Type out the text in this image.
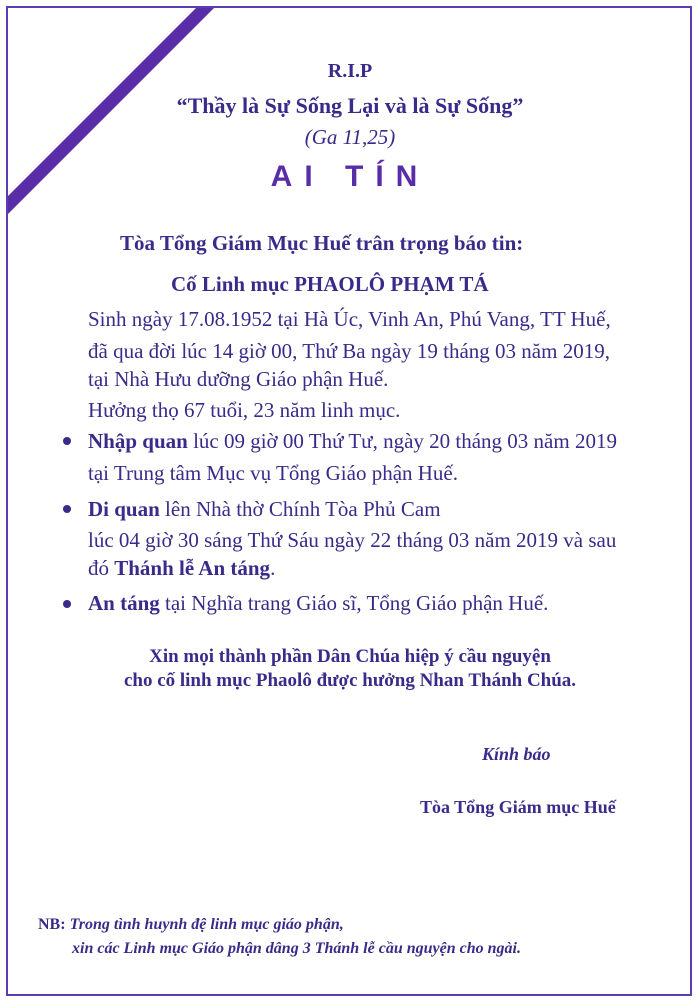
R.I.P
“Thầy là Sự Sống Lại và là Sự Sống”
(Ga 11,25)
AI TÍN
Tòa Tổng Giám Mục Huế trân trọng báo tin:
Cố Linh mục PHAOLÔ PHẠM TÁ
Sinh ngày 17.08.1952 tại Hà Úc, Vinh An, Phú Vang, TT Huế,
đã qua đời lúc 14 giờ 00, Thứ Ba ngày 19 tháng 03 năm 2019,
tại Nhà Hưu dưỡng Giáo phận Huế.
Hưởng thọ 67 tuổi, 23 năm linh mục.
Nhập quan lúc 09 giờ 00 Thứ Tư, ngày 20 tháng 03 năm 2019
tại Trung tâm Mục vụ Tổng Giáo phận Huế.
Di quan lên Nhà thờ Chính Tòa Phủ Cam
lúc 04 giờ 30 sáng Thứ Sáu ngày 22 tháng 03 năm 2019 và sau
đó Thánh lễ An táng.
An táng tại Nghĩa trang Giáo sĩ, Tổng Giáo phận Huế.
Xin mọi thành phần Dân Chúa hiệp ý cầu nguyện
cho cố linh mục Phaolô được hưởng Nhan Thánh Chúa.
Kính báo
Tòa Tổng Giám mục Huế
NB: Trong tình huynh đệ linh mục giáo phận,
xin các Linh mục Giáo phận dâng 3 Thánh lễ cầu nguyện cho ngài.
